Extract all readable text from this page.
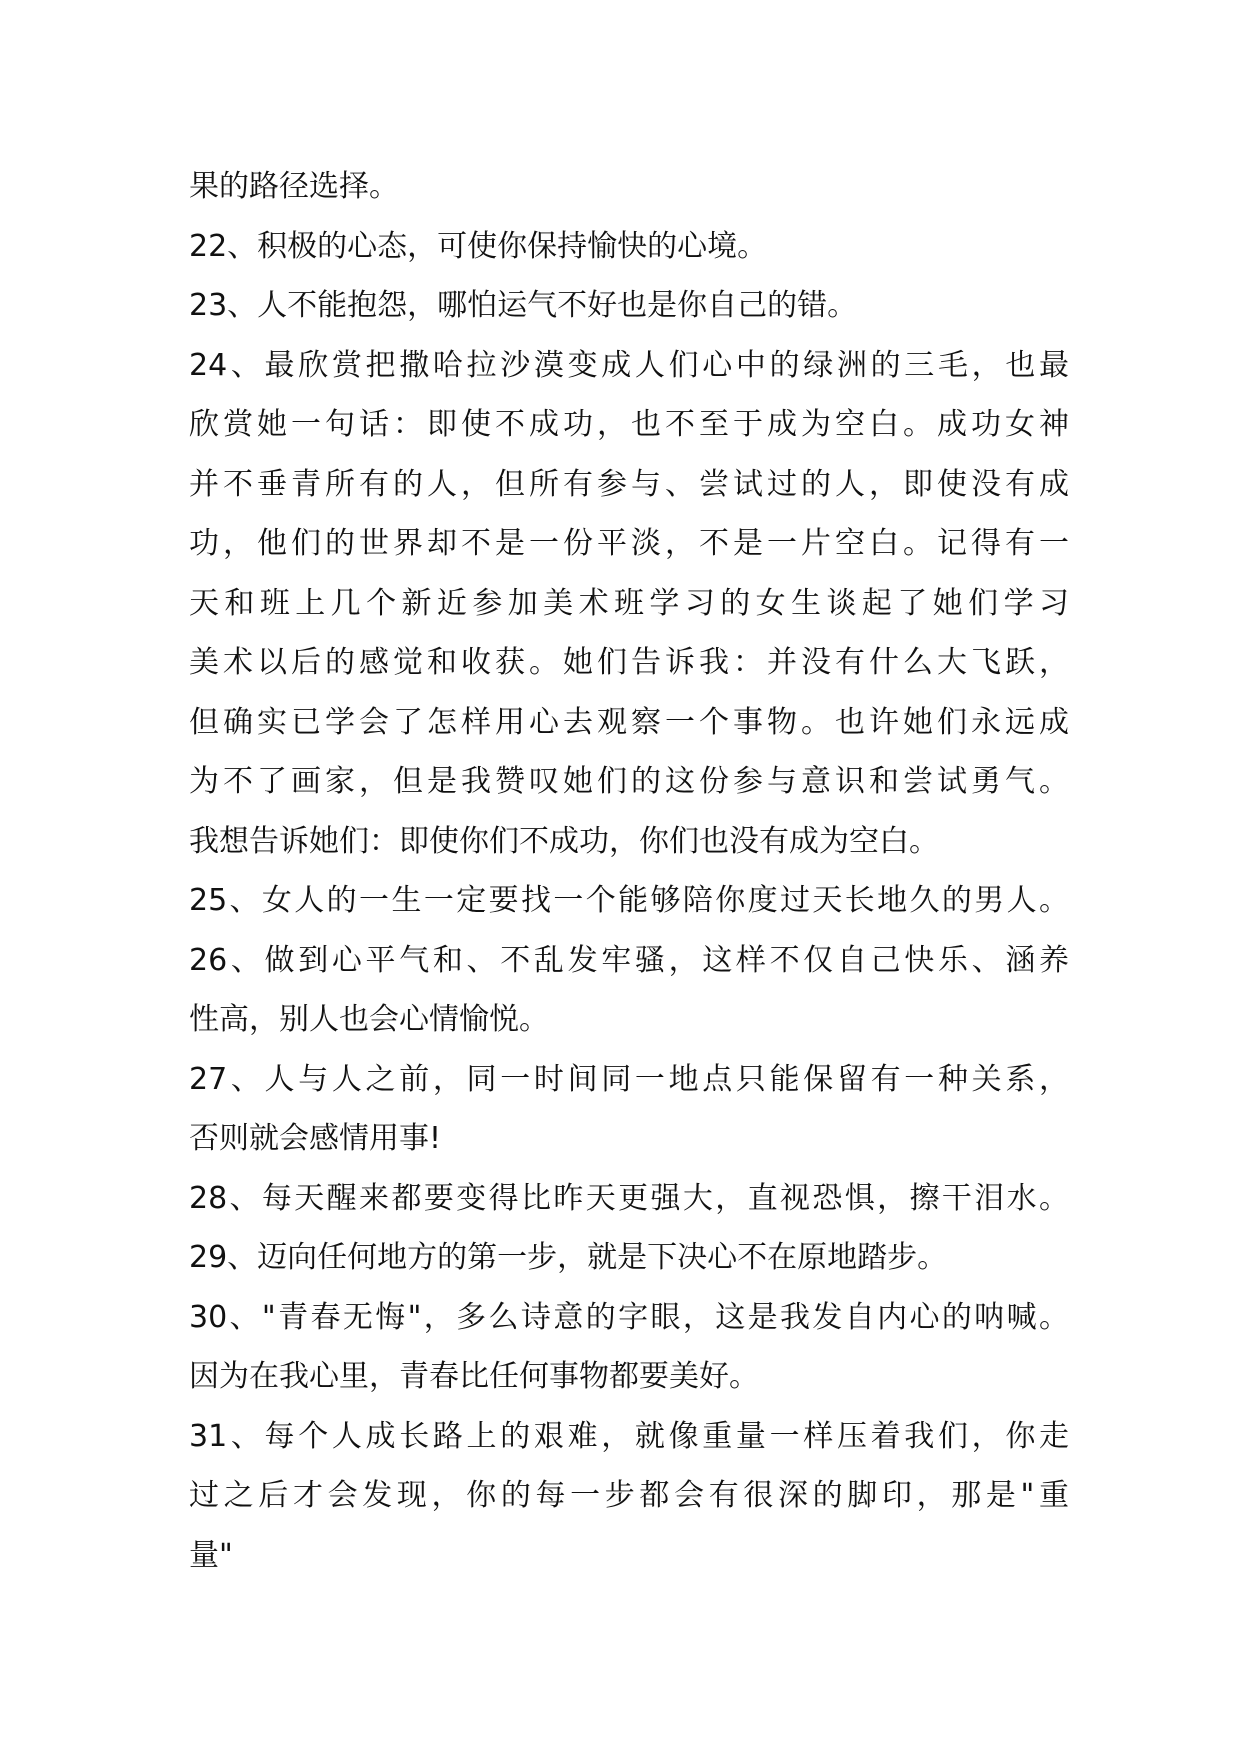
果的路径选择。
22、积极的心态，可使你保持愉快的心境。
23、人不能抱怨，哪怕运气不好也是你自己的错。
24、最欣赏把撒哈拉沙漠变成人们心中的绿洲的三毛，也最
欣赏她一句话：即使不成功，也不至于成为空白。成功女神
并不垂青所有的人，但所有参与、尝试过的人，即使没有成
功，他们的世界却不是一份平淡，不是一片空白。记得有一
天和班上几个新近参加美术班学习的女生谈起了她们学习
美术以后的感觉和收获。她们告诉我：并没有什么大飞跃，
但确实已学会了怎样用心去观察一个事物。也许她们永远成
为不了画家，但是我赞叹她们的这份参与意识和尝试勇气。
我想告诉她们：即使你们不成功，你们也没有成为空白。
25、女人的一生一定要找一个能够陪你度过天长地久的男人。
26、做到心平气和、不乱发牢骚，这样不仅自己快乐、涵养
性高，别人也会心情愉悦。
27、人与人之前，同一时间同一地点只能保留有一种关系，
否则就会感情用事!
28、每天醒来都要变得比昨天更强大，直视恐惧，擦干泪水。
29、迈向任何地方的第一步，就是下决心不在原地踏步。
30、"青春无悔"，多么诗意的字眼，这是我发自内心的呐喊。
因为在我心里，青春比任何事物都要美好。
31、每个人成长路上的艰难，就像重量一样压着我们，你走
过之后才会发现，你的每一步都会有很深的脚印，那是"重
量"
